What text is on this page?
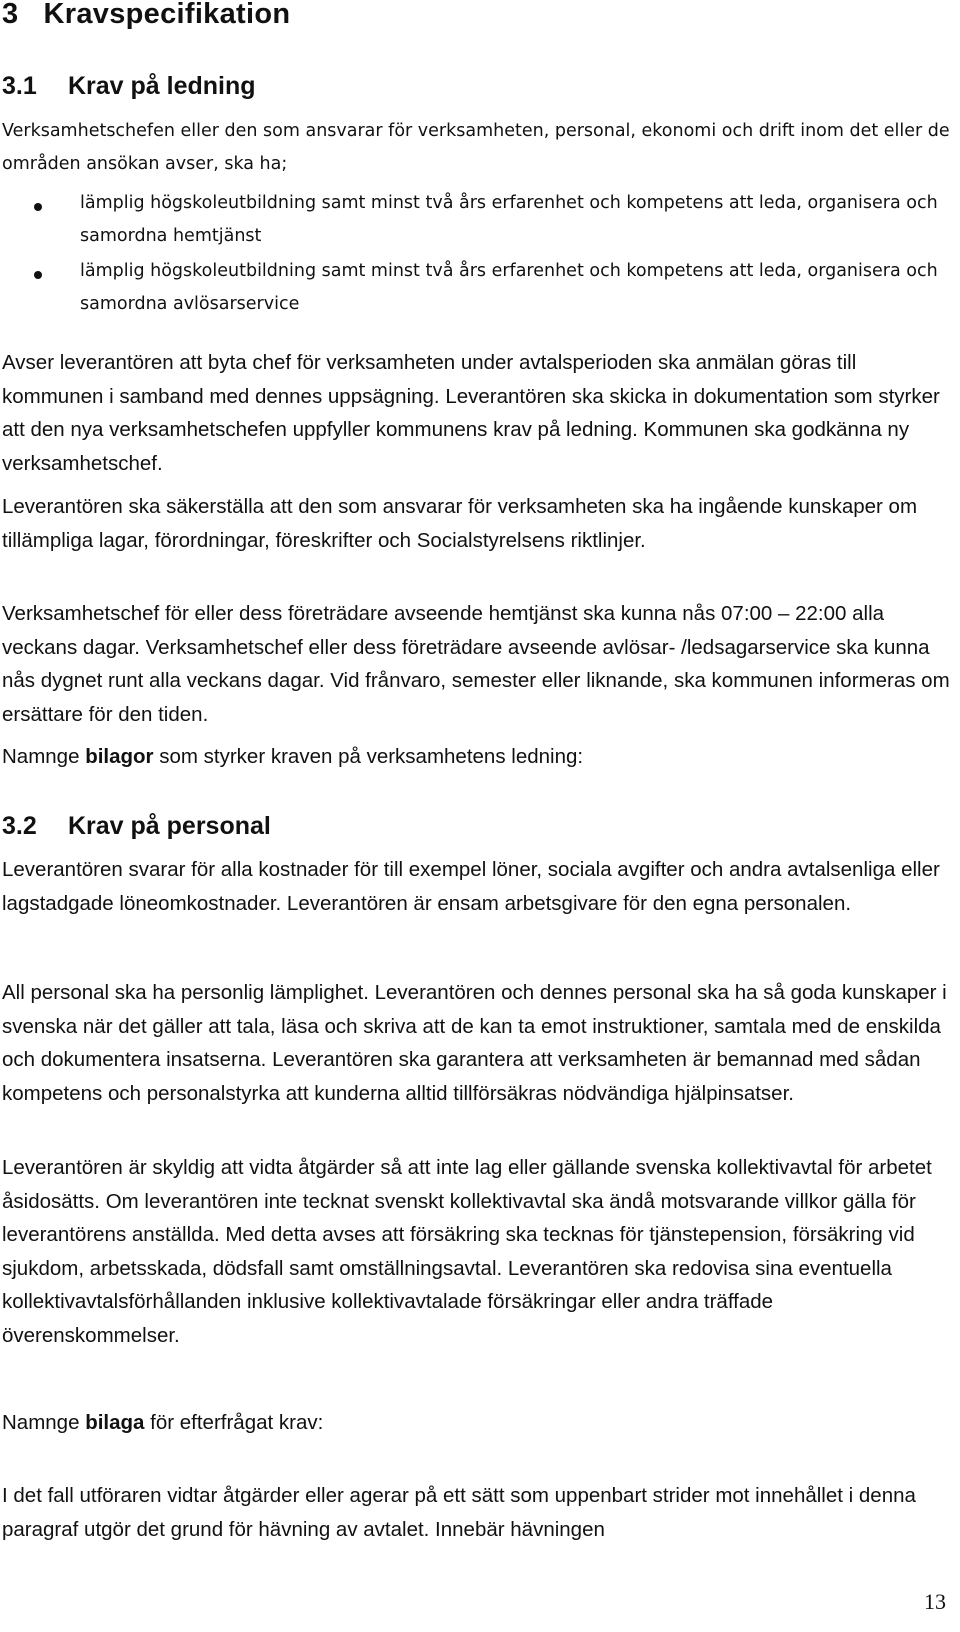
3 Kravspecifikation
3.1 Krav på ledning

Verksamhetschefen eller den som ansvarar för verksamheten, personal, ekonomi och drift inom det eller de områden ansökan avser, ska ha;

lämplig högskoleutbildning samt minst två års erfarenhet och kompetens att leda, organisera och samordna hemtjänst

lämplig högskoleutbildning samt minst två års erfarenhet och kompetens att leda, organisera och samordna avlösarservice

Avser leverantören att byta chef för verksamheten under avtalsperioden ska anmälan göras till kommunen i samband med dennes uppsägning. Leverantören ska skicka in dokumentation som styrker att den nya verksamhetschefen uppfyller kommunens krav på ledning. Kommunen ska godkänna ny verksamhetschef.

Leverantören ska säkerställa att den som ansvarar för verksamheten ska ha ingående kunskaper om tillämpliga lagar, förordningar, föreskrifter och Socialstyrelsens riktlinjer.

Verksamhetschef för eller dess företrädare avseende hemtjänst ska kunna nås 07:00 – 22:00 alla veckans dagar. Verksamhetschef eller dess företrädare avseende avlösar- /ledsagarservice ska kunna nås dygnet runt alla veckans dagar. Vid frånvaro, semester eller liknande, ska kommunen informeras om ersättare för den tiden.

Namnge bilagor som styrker kraven på verksamhetens ledning:

3.2 Krav på personal

Leverantören svarar för alla kostnader för till exempel löner, sociala avgifter och andra avtalsenliga eller lagstadgade löneomkostnader. Leverantören är ensam arbetsgivare för den egna personalen.

All personal ska ha personlig lämplighet. Leverantören och dennes personal ska ha så goda kunskaper i svenska när det gäller att tala, läsa och skriva att de kan ta emot instruktioner, samtala med de enskilda och dokumentera insatserna. Leverantören ska garantera att verksamheten är bemannad med sådan kompetens och personalstyrka att kunderna alltid tillförsäkras nödvändiga hjälpinsatser.

Leverantören är skyldig att vidta åtgärder så att inte lag eller gällande svenska kollektivavtal för arbetet åsidosätts. Om leverantören inte tecknat svenskt kollektivavtal ska ändå motsvarande villkor gälla för leverantörens anställda. Med detta avses att försäkring ska tecknas för tjänstepension, försäkring vid sjukdom, arbetsskada, dödsfall samt omställningsavtal. Leverantören ska redovisa sina eventuella kollektivavtalsförhållanden inklusive kollektivavtalade försäkringar eller andra träffade överenskommelser.

Namnge bilaga för efterfrågat krav:

I det fall utföraren vidtar åtgärder eller agerar på ett sätt som uppenbart strider mot innehållet i denna paragraf utgör det grund för hävning av avtalet. Innebär hävningen

13
